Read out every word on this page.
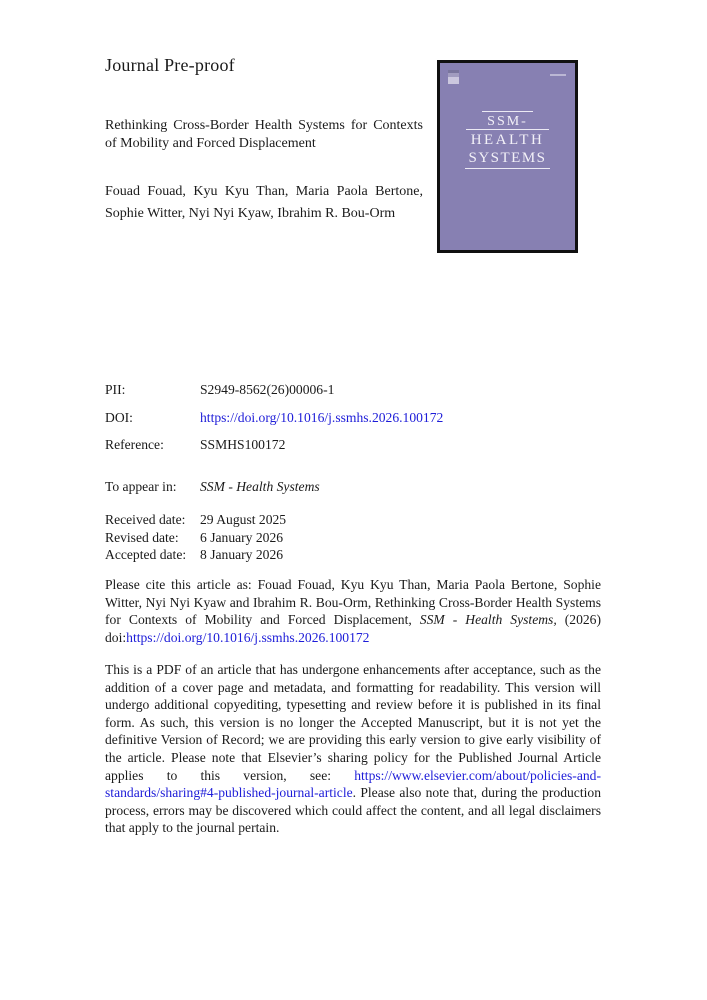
Journal Pre-proof
SSM-
HEALTH
SYSTEMS
Rethinking Cross-Border Health Systems for Contexts of Mobility and Forced Displacement
Fouad Fouad, Kyu Kyu Than, Maria Paola Bertone, Sophie Witter, Nyi Nyi Kyaw, Ibrahim R. Bou-Orm
PII:	S2949-8562(26)00006-1
DOI:	https://doi.org/10.1016/j.ssmhs.2026.100172
Reference:	SSMHS100172
To appear in:	SSM - Health Systems
Received date:	29 August 2025
Revised date:	6 January 2026
Accepted date:	8 January 2026
Please cite this article as: Fouad Fouad, Kyu Kyu Than, Maria Paola Bertone, Sophie Witter, Nyi Nyi Kyaw and Ibrahim R. Bou-Orm, Rethinking Cross-Border Health Systems for Contexts of Mobility and Forced Displacement, SSM - Health Systems, (2026) doi:https://doi.org/10.1016/j.ssmhs.2026.100172
This is a PDF of an article that has undergone enhancements after acceptance, such as the addition of a cover page and metadata, and formatting for readability. This version will undergo additional copyediting, typesetting and review before it is published in its final form. As such, this version is no longer the Accepted Manuscript, but it is not yet the definitive Version of Record; we are providing this early version to give early visibility of the article. Please note that Elsevier’s sharing policy for the Published Journal Article applies to this version, see: https://www.elsevier.com/about/policies-and-standards/sharing#4-published-journal-article. Please also note that, during the production process, errors may be discovered which could affect the content, and all legal disclaimers that apply to the journal pertain.
